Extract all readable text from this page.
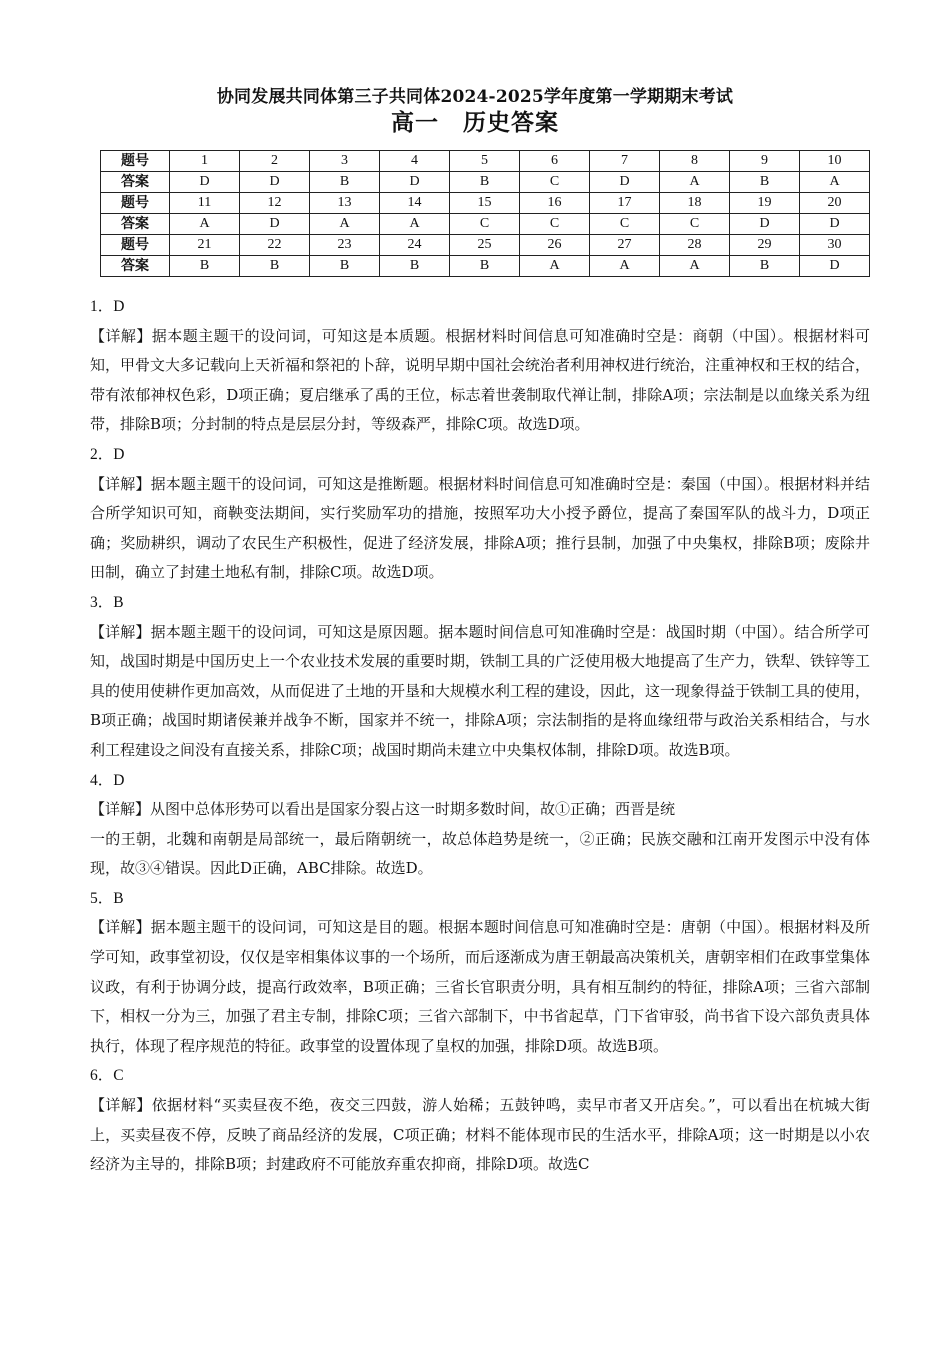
协同发展共同体第三子共同体2024-2025学年度第一学期期末考试
高一　历史答案
题号	1	2	3	4	5	6	7	8	9	10
答案	D	D	B	D	B	C	D	A	B	A
题号	11	12	13	14	15	16	17	18	19	20
答案	A	D	A	A	C	C	C	C	D	D
题号	21	22	23	24	25	26	27	28	29	30
答案	B	B	B	B	B	A	A	A	B	D

1．D

【详解】据本题主题干的设问词，可知这是本质题。根据材料时间信息可知准确时空是：商朝（中国）。根据材料可知，甲骨文大多记载向上天祈福和祭祀的卜辞，说明早期中国社会统治者利用神权进行统治，注重神权和王权的结合，带有浓郁神权色彩，D项正确；夏启继承了禹的王位，标志着世袭制取代禅让制，排除A项；宗法制是以血缘关系为纽带，排除B项；分封制的特点是层层分封，等级森严，排除C项。故选D项。

2．D

【详解】据本题主题干的设问词，可知这是推断题。根据材料时间信息可知准确时空是：秦国（中国）。根据材料并结合所学知识可知，商鞅变法期间，实行奖励军功的措施，按照军功大小授予爵位，提高了秦国军队的战斗力，D项正确；奖励耕织，调动了农民生产积极性，促进了经济发展，排除A项；推行县制，加强了中央集权，排除B项；废除井田制，确立了封建土地私有制，排除C项。故选D项。

3．B

【详解】据本题主题干的设问词，可知这是原因题。据本题时间信息可知准确时空是：战国时期（中国）。结合所学可知，战国时期是中国历史上一个农业技术发展的重要时期，铁制工具的广泛使用极大地提高了生产力，铁犁、铁锌等工具的使用使耕作更加高效，从而促进了土地的开垦和大规模水利工程的建设，因此，这一现象得益于铁制工具的使用，B项正确；战国时期诸侯兼并战争不断，国家并不统一，排除A项；宗法制指的是将血缘纽带与政治关系相结合，与水利工程建设之间没有直接关系，排除C项；战国时期尚未建立中央集权体制，排除D项。故选B项。

4．D

【详解】从图中总体形势可以看出是国家分裂占这一时期多数时间，故①正确；西晋是统
一的王朝，北魏和南朝是局部统一，最后隋朝统一，故总体趋势是统一，②正确；民族交融和江南开发图示中没有体现，故③④错误。因此D正确，ABC排除。故选D。

5．B

【详解】据本题主题干的设问词，可知这是目的题。根据本题时间信息可知准确时空是：唐朝（中国）。根据材料及所学可知，政事堂初设，仅仅是宰相集体议事的一个场所，而后逐渐成为唐王朝最高决策机关，唐朝宰相们在政事堂集体议政，有利于协调分歧，提高行政效率，B项正确；三省长官职责分明，具有相互制约的特征，排除A项；三省六部制下，相权一分为三，加强了君主专制，排除C项；三省六部制下，中书省起草，门下省审驳，尚书省下设六部负责具体执行，体现了程序规范的特征。政事堂的设置体现了皇权的加强，排除D项。故选B项。

6．C

【详解】依据材料“买卖昼夜不绝，夜交三四鼓，游人始稀；五鼓钟鸣，卖早市者又开店矣。”，可以看出在杭城大街上，买卖昼夜不停，反映了商品经济的发展，C项正确；材料不能体现市民的生活水平，排除A项；这一时期是以小农经济为主导的，排除B项；封建政府不可能放弃重农抑商，排除D项。故选C
